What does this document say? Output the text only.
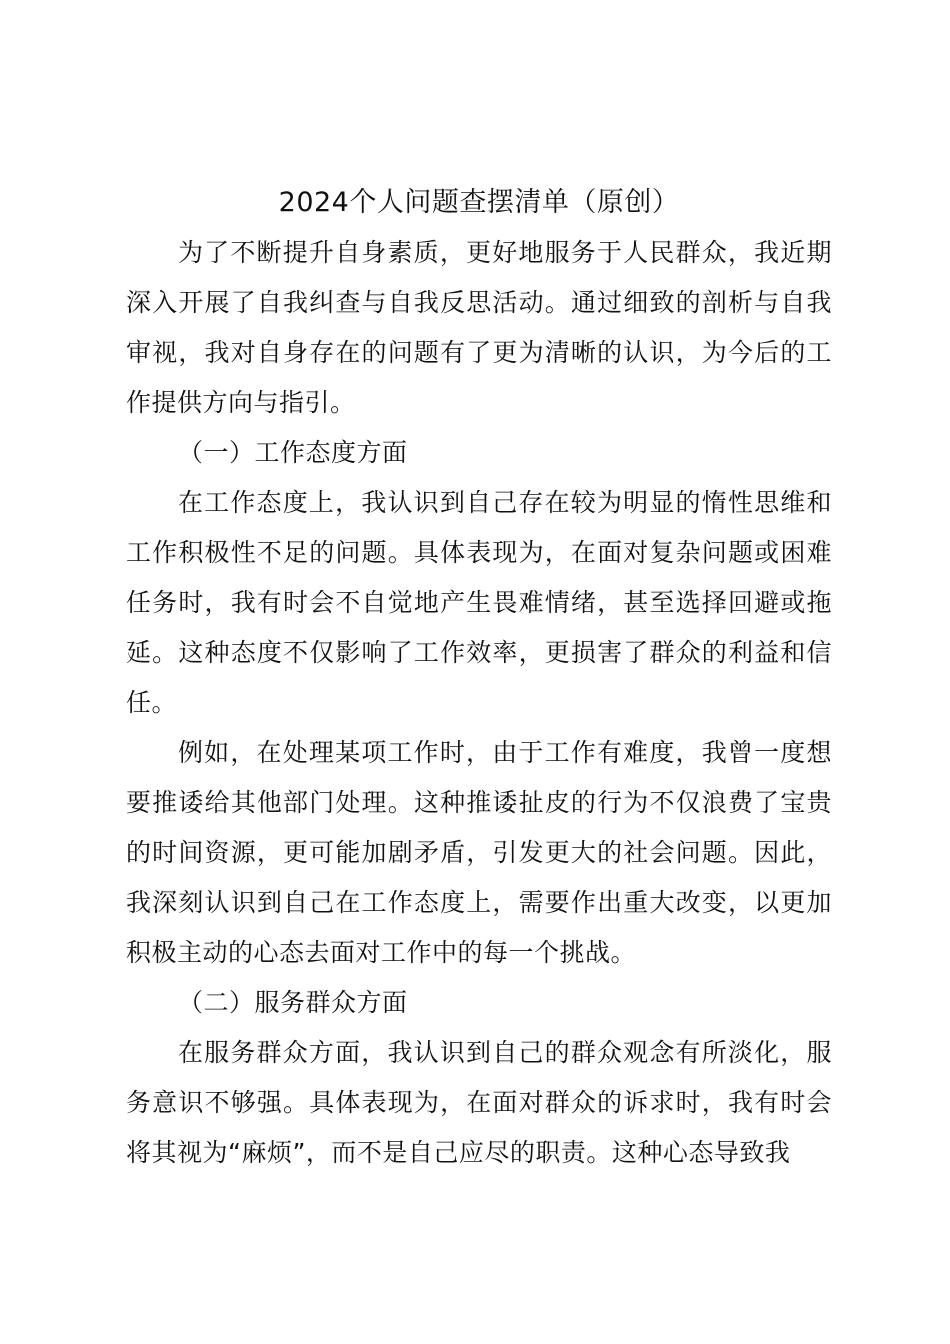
2024个人问题查摆清单（原创）

为了不断提升自身素质，更好地服务于人民群众，我近期深入开展了自我纠查与自我反思活动。通过细致的剖析与自我审视，我对自身存在的问题有了更为清晰的认识，为今后的工作提供方向与指引。

（一）工作态度方面

在工作态度上，我认识到自己存在较为明显的惰性思维和工作积极性不足的问题。具体表现为，在面对复杂问题或困难任务时，我有时会不自觉地产生畏难情绪，甚至选择回避或拖延。这种态度不仅影响了工作效率，更损害了群众的利益和信任。

例如，在处理某项工作时，由于工作有难度，我曾一度想要推诿给其他部门处理。这种推诿扯皮的行为不仅浪费了宝贵的时间资源，更可能加剧矛盾，引发更大的社会问题。因此，我深刻认识到自己在工作态度上，需要作出重大改变，以更加积极主动的心态去面对工作中的每一个挑战。

（二）服务群众方面

在服务群众方面，我认识到自己的群众观念有所淡化，服务意识不够强。具体表现为，在面对群众的诉求时，我有时会将其视为“麻烦”，而不是自己应尽的职责。这种心态导致我
